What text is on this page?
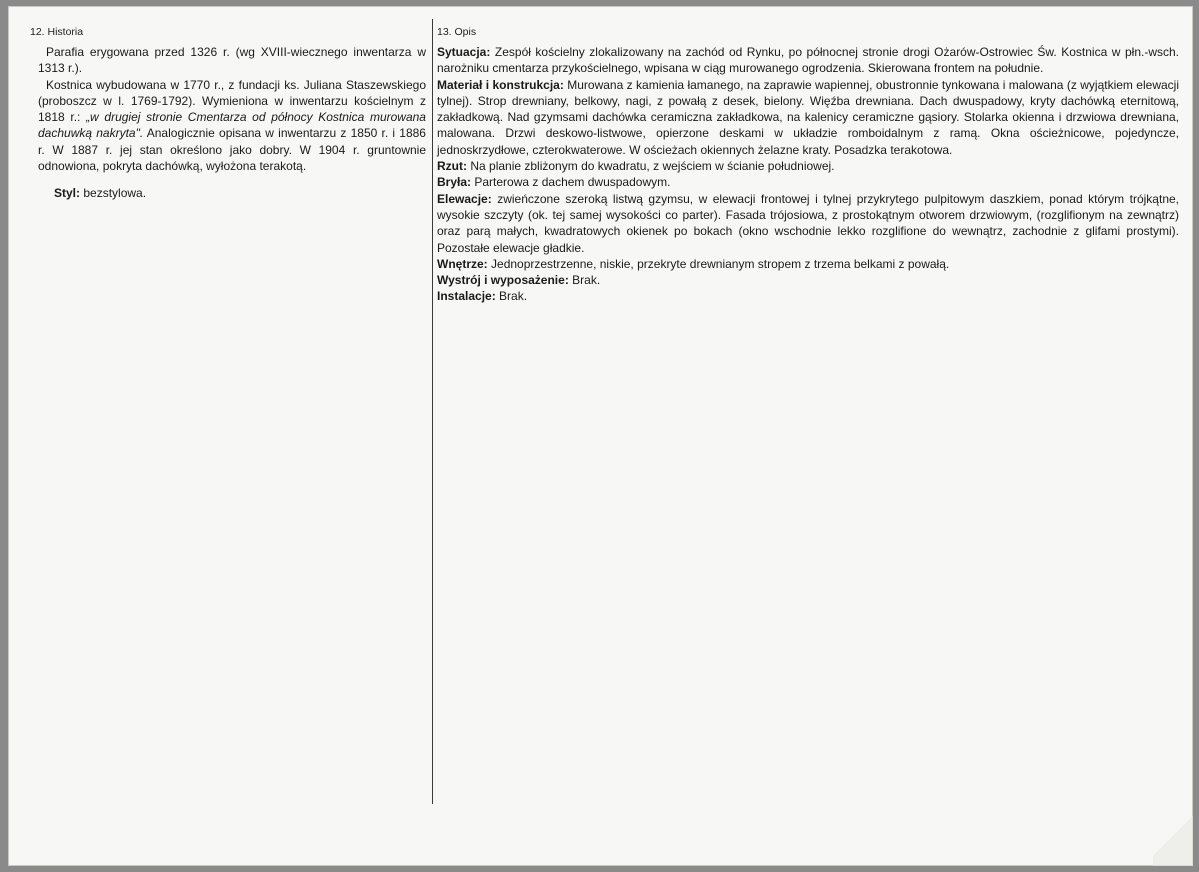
12. Historia

Parafia erygowana przed 1326 r. (wg XVIII-wiecznego inwentarza w 1313 r.).

Kostnica wybudowana w 1770 r., z fundacji ks. Juliana Staszewskiego (proboszcz w l. 1769-1792). Wymieniona w inwentarzu kościelnym z 1818 r.: „w drugiej stronie Cmentarza od północy Kostnica murowana dachuwką nakryta". Analogicznie opisana w inwentarzu z 1850 r. i 1886 r. W 1887 r. jej stan określono jako dobry. W 1904 r. gruntownie odnowiona, pokryta dachówką, wyłożona terakotą.

Styl: bezstylowa.
13. Opis

Sytuacja: Zespół kościelny zlokalizowany na zachód od Rynku, po północnej stronie drogi Ożarów-Ostrowiec Św. Kostnica w płn.-wsch. narożniku cmentarza przykościelnego, wpisana w ciąg murowanego ogrodzenia. Skierowana frontem na południe.

Materiał i konstrukcja: Murowana z kamienia łamanego, na zaprawie wapiennej, obustronnie tynkowana i malowana (z wyjątkiem elewacji tylnej). Strop drewniany, belkowy, nagi, z powałą z desek, bielony. Więźba drewniana. Dach dwuspadowy, kryty dachówką eternitową, zakładkową. Nad gzymsami dachówka ceramiczna zakładkowa, na kalenicy ceramiczne gąsiory. Stolarka okienna i drzwiowa drewniana, malowana. Drzwi deskowo-listwowe, opierzone deskami w układzie romboidalnym z ramą. Okna ościeżnicowe, pojedyncze, jednoskrzydłowe, czterokwaterowe. W ościeżach okiennych żelazne kraty. Posadzka terakotowa.

Rzut: Na planie zbliżonym do kwadratu, z wejściem w ścianie południowej.

Bryła: Parterowa z dachem dwuspadowym.

Elewacje: zwieńczone szeroką listwą gzymsu, w elewacji frontowej i tylnej przykrytego pulpitowym daszkiem, ponad którym trójkątne, wysokie szczyty (ok. tej samej wysokości co parter). Fasada trójosiowa, z prostokątnym otworem drzwiowym, (rozglifionym na zewnątrz) oraz parą małych, kwadratowych okienek po bokach (okno wschodnie lekko rozglifione do wewnątrz, zachodnie z glifami prostymi). Pozostałe elewacje gładkie.

Wnętrze: Jednoprzestrzenne, niskie, przekryte drewnianym stropem z trzema belkami z powałą.

Wystrój i wyposażenie: Brak.

Instalacje: Brak.
